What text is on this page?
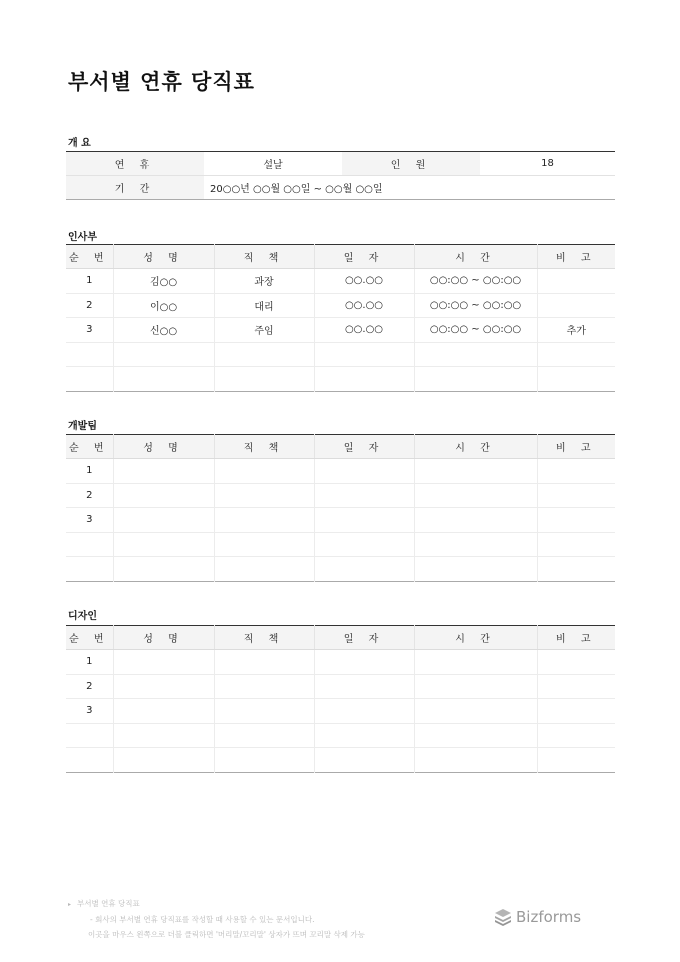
부서별 연휴 당직표
개 요
연 휴	설날	인 원	18
기 간	20○○년 ○○월 ○○일 ~ ○○월 ○○일		
인사부
순 번	성 명	직 책	일 자	시 간	비 고
1	김○○	과장	○○.○○	○○:○○ ~ ○○:○○	
2	이○○	대리	○○.○○	○○:○○ ~ ○○:○○	
3	신○○	주임	○○.○○	○○:○○ ~ ○○:○○	추가

개발팀
순 번	성 명	직 책	일 자	시 간	비 고
1					
2					
3					

디자인
순 번	성 명	직 책	일 자	시 간	비 고
1					
2					
3					

▸ 부서별 연휴 당직표
- 회사의 부서별 연휴 당직표를 작성할 때 사용할 수 있는 문서입니다.
이곳을 마우스 왼쪽으로 더블 클릭하면 '머리말/꼬리말' 상자가 뜨며 꼬리말 삭제 가능
Bizforms
